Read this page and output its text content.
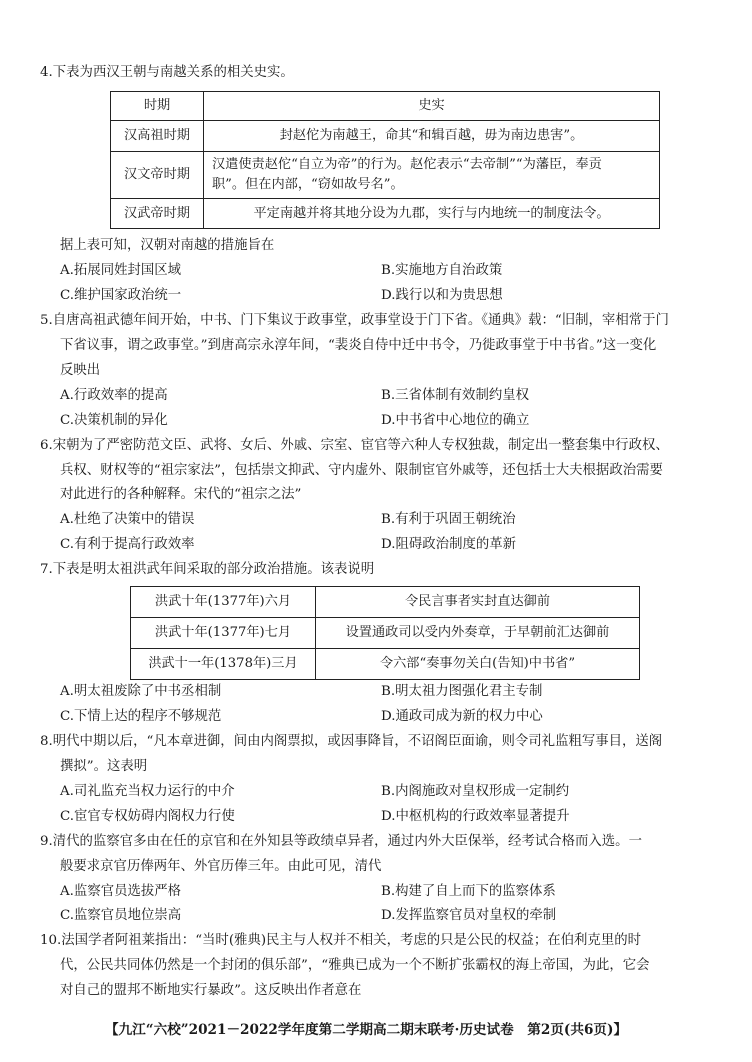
4.下表为西汉王朝与南越关系的相关史实。
时期	史实
汉高祖时期	封赵佗为南越王，命其“和辑百越，毋为南边患害”。
汉文帝时期	汉遣使责赵佗“自立为帝”的行为。赵佗表示“去帝制”“为藩臣，奉贡
职”。但在内部，“窃如故号名”。

汉武帝时期	平定南越并将其地分设为九郡，实行与内地统一的制度法令。
据上表可知，汉朝对南越的措施旨在
A.拓展同姓封国区域	B.实施地方自治政策
C.维护国家政治统一	D.践行以和为贵思想
5.自唐高祖武德年间开始，中书、门下集议于政事堂，政事堂设于门下省。《通典》载：“旧制，宰相常于门
下省议事，谓之政事堂。”到唐高宗永淳年间，“裴炎自侍中迁中书令，乃徙政事堂于中书省。”这一变化
反映出
A.行政效率的提高	B.三省体制有效制约皇权
C.决策机制的异化	D.中书省中心地位的确立
6.宋朝为了严密防范文臣、武将、女后、外戚、宗室、宦官等六种人专权独裁，制定出一整套集中行政权、
兵权、财权等的“祖宗家法”，包括崇文抑武、守内虚外、限制宦官外戚等，还包括士大夫根据政治需要
对此进行的各种解释。宋代的“祖宗之法”
A.杜绝了决策中的错误	B.有利于巩固王朝统治
C.有利于提高行政效率	D.阻碍政治制度的革新
7.下表是明太祖洪武年间采取的部分政治措施。该表说明
洪武十年(1377年)六月	令民言事者实封直达御前
洪武十年(1377年)七月	设置通政司以受内外奏章，于早朝前汇达御前
洪武十一年(1378年)三月	令六部“奏事勿关白(告知)中书省”
A.明太祖废除了中书丞相制	B.明太祖力图强化君主专制
C.下情上达的程序不够规范	D.通政司成为新的权力中心
8.明代中期以后，“凡本章进御，间由内阁票拟，或因事降旨，不诏阁臣面谕，则令司礼监粗写事目，送阁
撰拟”。这表明
A.司礼监充当权力运行的中介	B.内阁施政对皇权形成一定制约
C.宦官专权妨碍内阁权力行使	D.中枢机构的行政效率显著提升
9.清代的监察官多由在任的京官和在外知县等政绩卓异者，通过内外大臣保举，经考试合格而入选。一
般要求京官历俸两年、外官历俸三年。由此可见，清代
A.监察官员选拔严格	B.构建了自上而下的监察体系
C.监察官员地位崇高	D.发挥监察官员对皇权的牵制
10.法国学者阿祖莱指出：“当时(雅典)民主与人权并不相关，考虑的只是公民的权益；在伯利克里的时
代，公民共同体仍然是一个封闭的俱乐部”，“雅典已成为一个不断扩张霸权的海上帝国，为此，它会
对自己的盟邦不断地实行暴政”。这反映出作者意在
【九江“六校”2021－2022学年度第二学期高二期末联考·历史试卷　第2页(共6页)】
